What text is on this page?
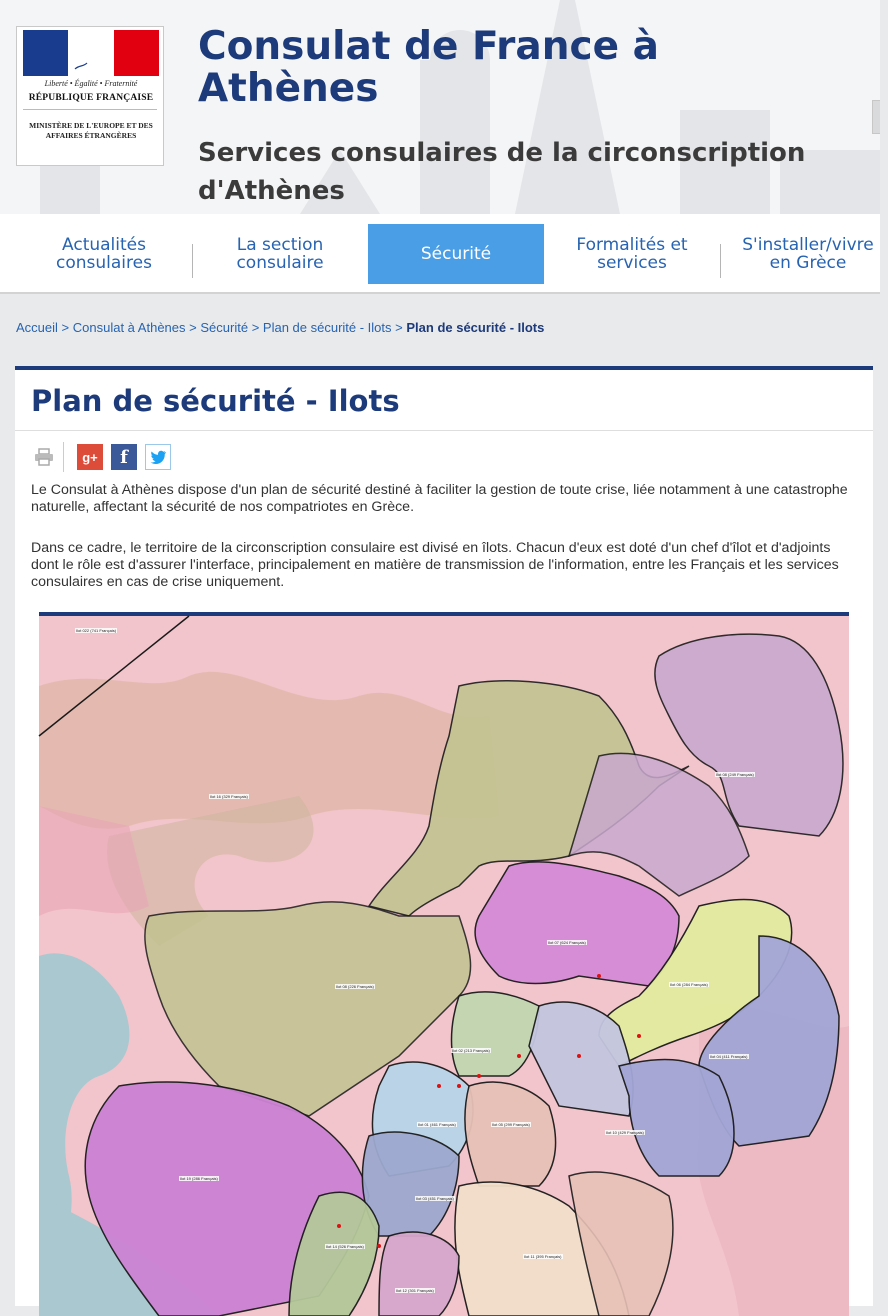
Liberté • Égalité • Fraternité
RÉPUBLIQUE FRANÇAISE
MINISTÈRE DE L'EUROPE ET DES AFFAIRES ÉTRANGÈRES
Consulat de France à Athènes
Services consulaires de la circonscription d'Athènes
Actualités
consulaires
La section
consulaire	Sécurité	Formalités et
services
S'installer/vivre
en Grèce
Accueil > Consulat à Athènes > Sécurité > Plan de sécurité - Ilots > Plan de sécurité - Ilots
Plan de sécurité - Ilots
g+ f

Le Consulat à Athènes dispose d'un plan de sécurité destiné à faciliter la gestion de toute crise, liée notamment à une catastrophe naturelle, affectant la sécurité de nos compatriotes en Grèce.

Dans ce cadre, le territoire de la circonscription consulaire est divisé en îlots. Chacun d'eux est doté d'un chef d'îlot et d'adjoints dont le rôle est d'assurer l'interface, principalement en matière de transmission de l'information, entre les Français et les services consulaires en cas de crise uniquement.

Ilot 022 (741 Français)
Ilot 16 (329 Français)
Ilot 08 (249 Français)
Ilot 07 (624 Français)
Ilot 08 (226 Français)	Ilot 06 (284 Français)
Ilot 02 (213 Français)
Ilot 04 (411 Français)
Ilot 01 (461 Français)	Ilot 05 (299 Français)
Ilot 10 (429 Français)
Ilot 19 (286 Français)
Ilot 03 (451 Français)
Ilot 11 (395 Français)
Ilot 14 (526 Français)
Ilot 12 (301 Français)
